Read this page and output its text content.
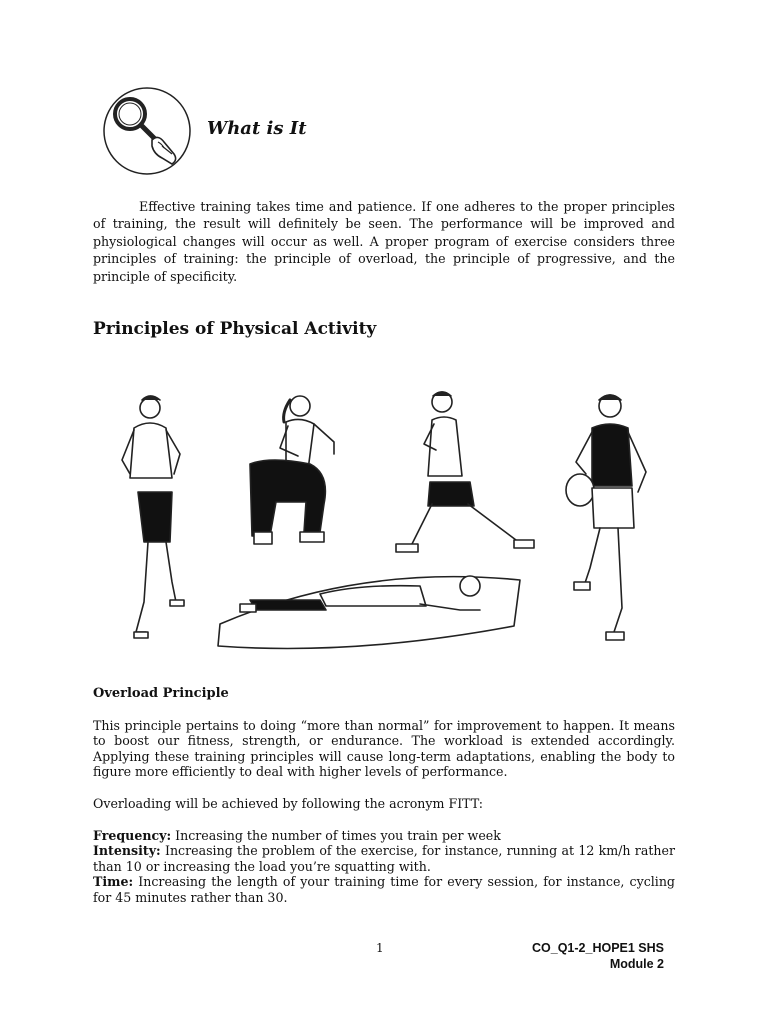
What is It

Effective training takes time and patience. If one adheres to the proper principles of training, the result will definitely be seen. The performance will be improved and physiological changes will occur as well. A proper program of exercise considers three principles of training: the principle of overload, the principle of progressive, and the principle of specificity.

Principles of Physical Activity
Overload Principle

This principle pertains to doing “more than normal” for improvement to happen. It means to boost our fitness, strength, or endurance. The workload is extended accordingly. Applying these training principles will cause long-term adaptations, enabling the body to figure more efficiently to deal with higher levels of performance.

Overloading will be achieved by following the acronym FITT:

Frequency: Increasing the number of times you train per week

Intensity: Increasing the problem of the exercise, for instance, running at 12 km/h rather than 10 or increasing the load you’re squatting with.

Time: Increasing the length of your training time for every session, for instance, cycling for 45 minutes rather than 30.

1	CO_Q1-2_HOPE1 SHS
Module 2
